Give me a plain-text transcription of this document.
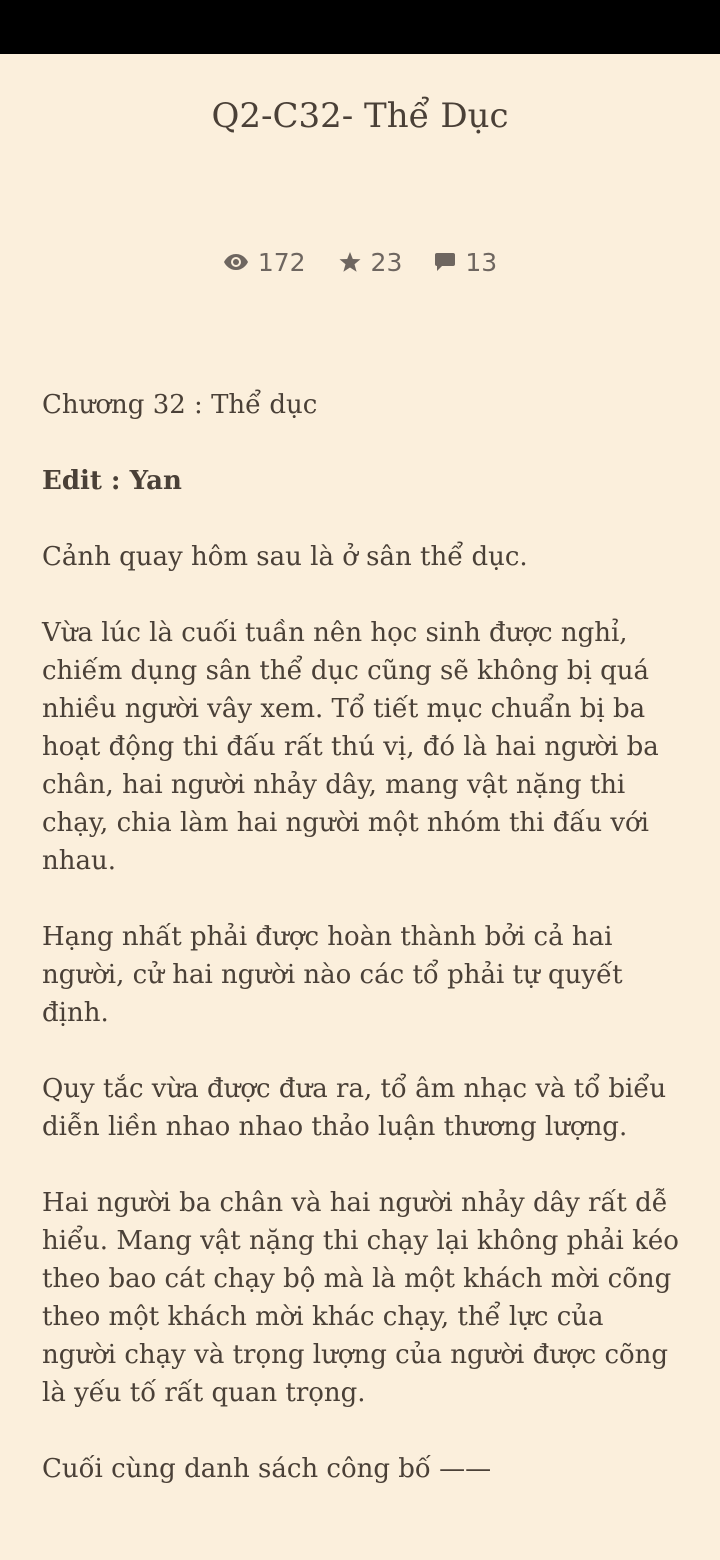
Q2-C32- Thể Dục
172	23	13

Chương 32 : Thể dục

Edit : Yan

Cảnh quay hôm sau là ở sân thể dục.

Vừa lúc là cuối tuần nên học sinh được nghỉ, chiếm dụng sân thể dục cũng sẽ không bị quá nhiều người vây xem. Tổ tiết mục chuẩn bị ba hoạt động thi đấu rất thú vị, đó là hai người ba chân, hai người nhảy dây, mang vật nặng thi chạy, chia làm hai người một nhóm thi đấu với nhau.

Hạng nhất phải được hoàn thành bởi cả hai người, cử hai người nào các tổ phải tự quyết định.

Quy tắc vừa được đưa ra, tổ âm nhạc và tổ biểu diễn liền nhao nhao thảo luận thương lượng.

Hai người ba chân và hai người nhảy dây rất dễ hiểu. Mang vật nặng thi chạy lại không phải kéo theo bao cát chạy bộ mà là một khách mời cõng theo một khách mời khác chạy, thể lực của người chạy và trọng lượng của người được cõng là yếu tố rất quan trọng.

Cuối cùng danh sách công bố ——
